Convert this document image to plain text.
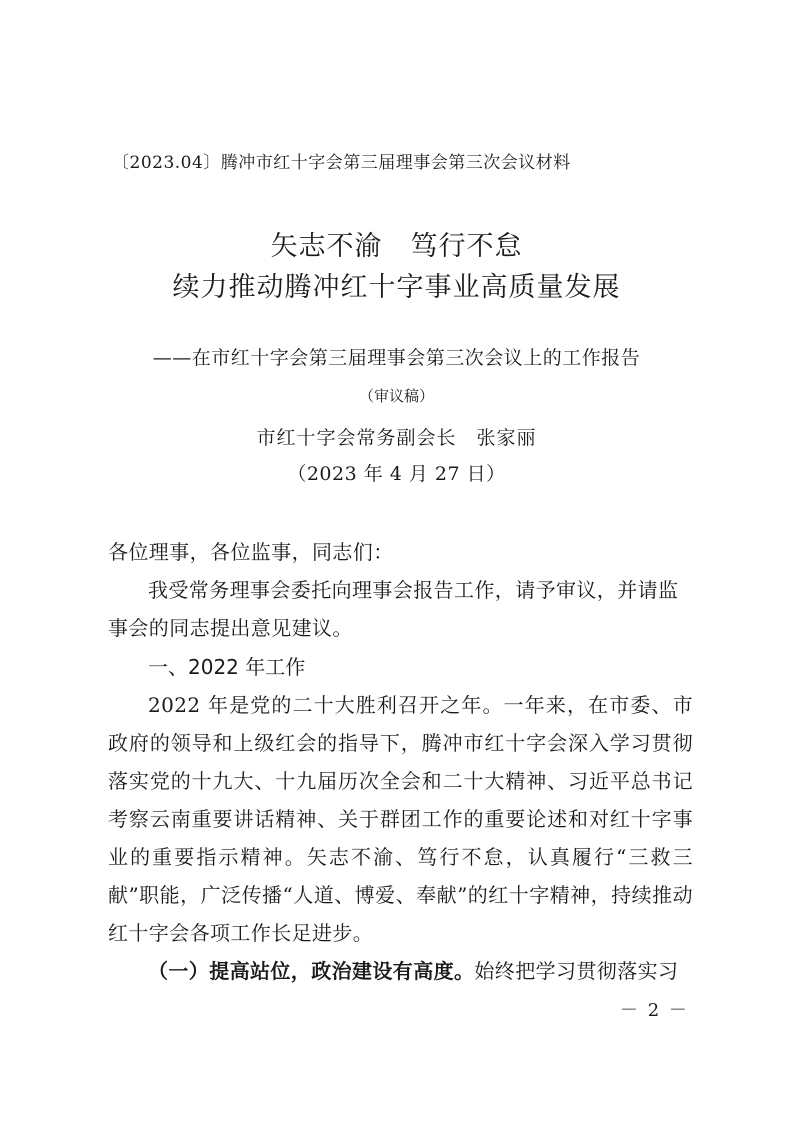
〔2023.04〕腾冲市红十字会第三届理事会第三次会议材料
矢志不渝　笃行不怠
续力推动腾冲红十字事业高质量发展
——在市红十字会第三届理事会第三次会议上的工作报告
（审议稿）
市红十字会常务副会长　张家丽
（2023 年 4 月 27 日）
各位理事，各位监事，同志们：
我受常务理事会委托向理事会报告工作，请予审议，并请监事会的同志提出意见建议。
一、2022 年工作
2022 年是党的二十大胜利召开之年。一年来，在市委、市政府的领导和上级红会的指导下，腾冲市红十字会深入学习贯彻落实党的十九大、十九届历次全会和二十大精神、习近平总书记考察云南重要讲话精神、关于群团工作的重要论述和对红十字事业的重要指示精神。矢志不渝、笃行不怠，认真履行“三救三献”职能，广泛传播“人道、博爱、奉献”的红十字精神，持续推动红十字会各项工作长足进步。
（一）提高站位，政治建设有高度。始终把学习贯彻落实习
－ 2 －
